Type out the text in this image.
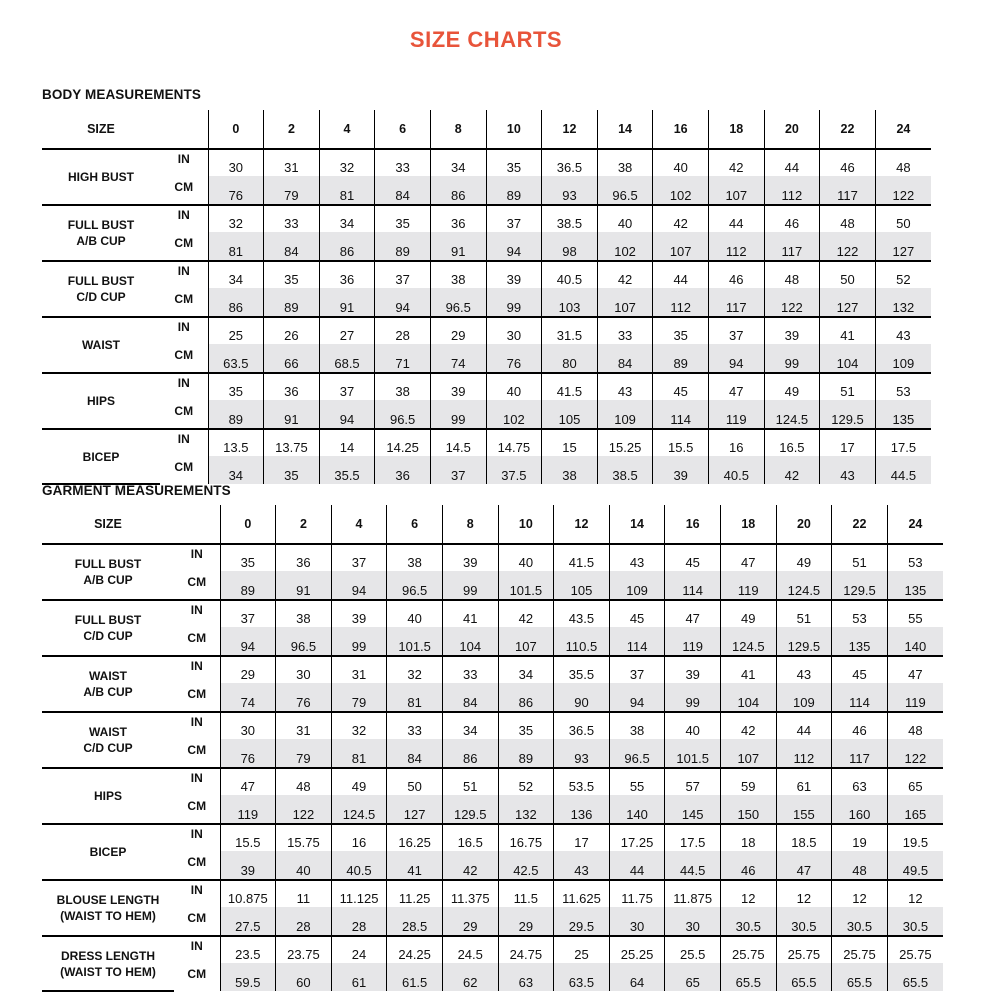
SIZE CHARTS
BODY MEASUREMENTS
SIZE		0	2	4	6	8	10	12	14	16	18	20	22	24

HIGH BUST	IN	30	31	32	33	34	35	36.5	38	40	42	44	46	48
	CM	76	79	81	84	86	89	93	96.5	102	107	112	117	122

FULL BUST
A/B CUP	IN	32	33	34	35	36	37	38.5	40	42	44	46	48	50
	CM	81	84	86	89	91	94	98	102	107	112	117	122	127

FULL BUST
C/D CUP	IN	34	35	36	37	38	39	40.5	42	44	46	48	50	52
	CM	86	89	91	94	96.5	99	103	107	112	117	122	127	132

WAIST	IN	25	26	27	28	29	30	31.5	33	35	37	39	41	43
	CM	63.5	66	68.5	71	74	76	80	84	89	94	99	104	109

HIPS	IN	35	36	37	38	39	40	41.5	43	45	47	49	51	53
	CM	89	91	94	96.5	99	102	105	109	114	119	124.5	129.5	135

BICEP	IN	13.5	13.75	14	14.25	14.5	14.75	15	15.25	15.5	16	16.5	17	17.5
	CM	34	35	35.5	36	37	37.5	38	38.5	39	40.5	42	43	44.5
GARMENT MEASUREMENTS
SIZE		0	2	4	6	8	10	12	14	16	18	20	22	24

FULL BUST
A/B CUP	IN	35	36	37	38	39	40	41.5	43	45	47	49	51	53
	CM	89	91	94	96.5	99	101.5	105	109	114	119	124.5	129.5	135

FULL BUST
C/D CUP	IN	37	38	39	40	41	42	43.5	45	47	49	51	53	55
	CM	94	96.5	99	101.5	104	107	110.5	114	119	124.5	129.5	135	140

WAIST
A/B CUP	IN	29	30	31	32	33	34	35.5	37	39	41	43	45	47
	CM	74	76	79	81	84	86	90	94	99	104	109	114	119

WAIST
C/D CUP	IN	30	31	32	33	34	35	36.5	38	40	42	44	46	48
	CM	76	79	81	84	86	89	93	96.5	101.5	107	112	117	122

HIPS	IN	47	48	49	50	51	52	53.5	55	57	59	61	63	65
	CM	119	122	124.5	127	129.5	132	136	140	145	150	155	160	165

BICEP	IN	15.5	15.75	16	16.25	16.5	16.75	17	17.25	17.5	18	18.5	19	19.5
	CM	39	40	40.5	41	42	42.5	43	44	44.5	46	47	48	49.5

BLOUSE LENGTH
(WAIST TO HEM)	IN	10.875	11	11.125	11.25	11.375	11.5	11.625	11.75	11.875	12	12	12	12
	CM	27.5	28	28	28.5	29	29	29.5	30	30	30.5	30.5	30.5	30.5

DRESS LENGTH
(WAIST TO HEM)	IN	23.5	23.75	24	24.25	24.5	24.75	25	25.25	25.5	25.75	25.75	25.75	25.75
	CM	59.5	60	61	61.5	62	63	63.5	64	65	65.5	65.5	65.5	65.5
